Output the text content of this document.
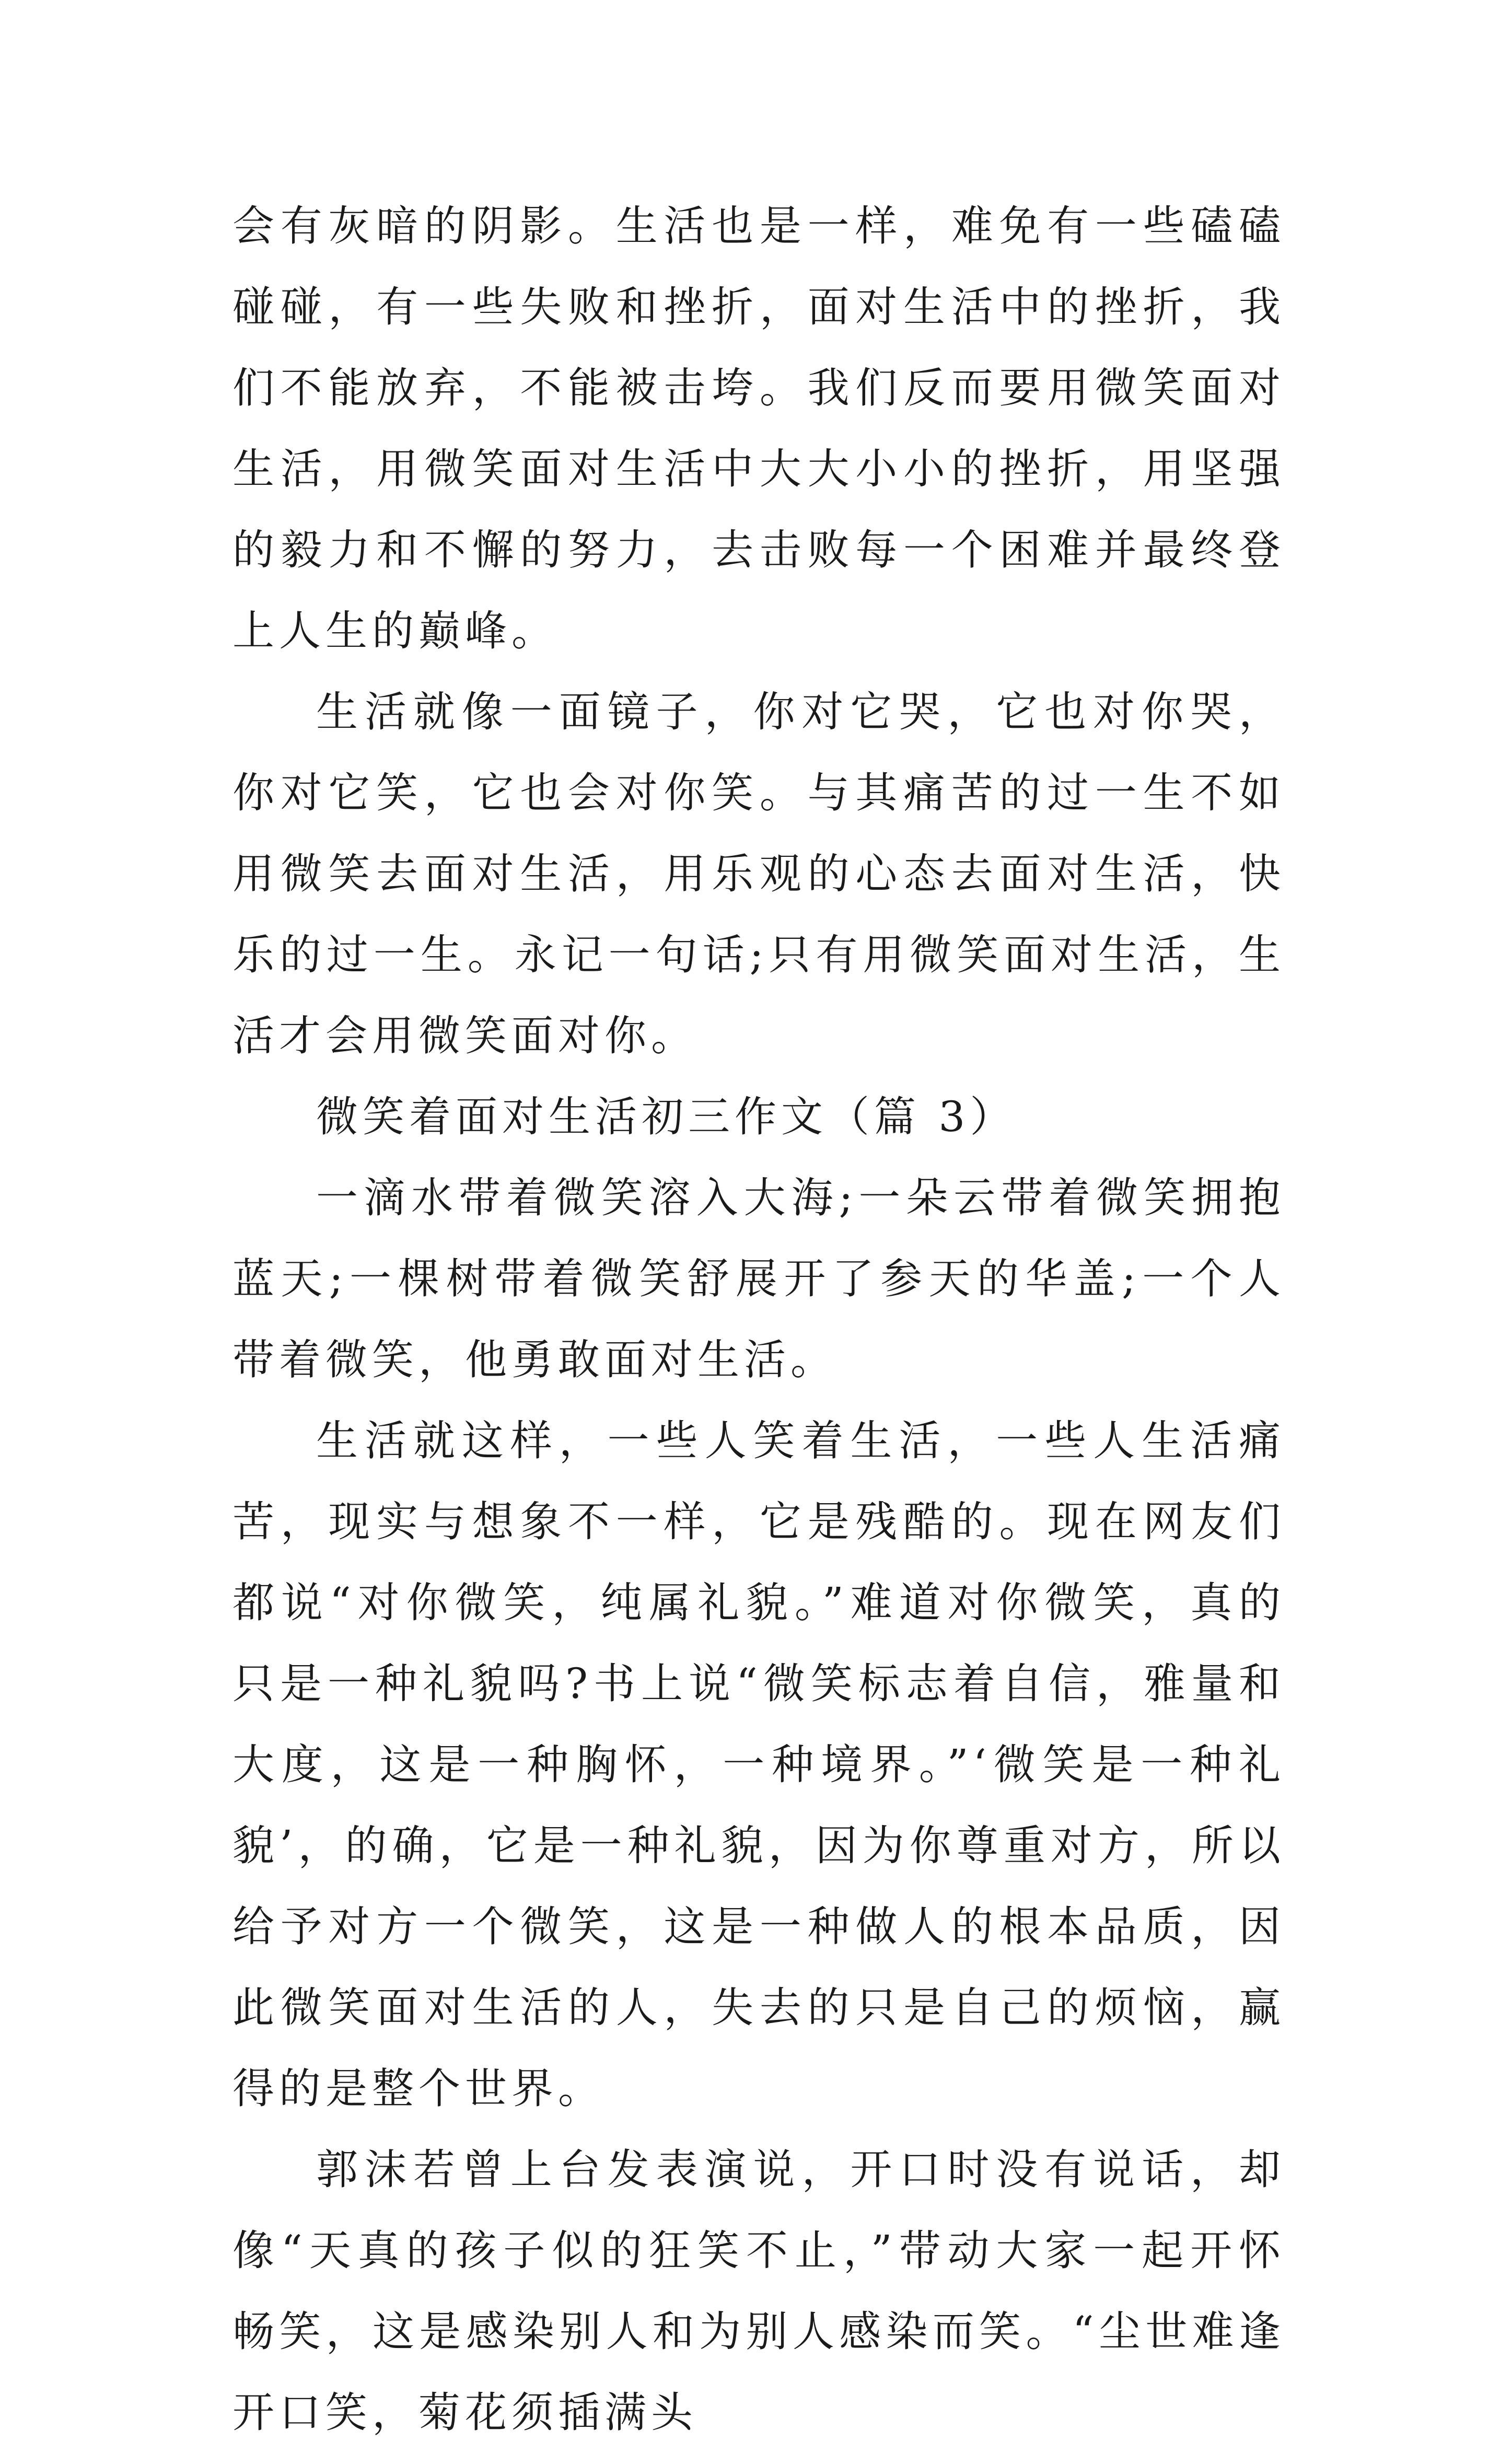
会有灰暗的阴影。生活也是一样，难免有一些磕磕碰碰，有一些失败和挫折，面对生活中的挫折，我们不能放弃，不能被击垮。我们反而要用微笑面对生活，用微笑面对生活中大大小小的挫折，用坚强的毅力和不懈的努力，去击败每一个困难并最终登上人生的巅峰。

生活就像一面镜子，你对它哭，它也对你哭，你对它笑，它也会对你笑。与其痛苦的过一生不如用微笑去面对生活，用乐观的心态去面对生活，快乐的过一生。永记一句话;只有用微笑面对生活，生活才会用微笑面对你。

微笑着面对生活初三作文（篇 3）

一滴水带着微笑溶入大海;一朵云带着微笑拥抱蓝天;一棵树带着微笑舒展开了参天的华盖;一个人带着微笑，他勇敢面对生活。

生活就这样，一些人笑着生活，一些人生活痛苦，现实与想象不一样，它是残酷的。现在网友们都说“对你微笑，纯属礼貌。”难道对你微笑，真的只是一种礼貌吗?书上说“微笑标志着自信，雅量和大度，这是一种胸怀，一种境界。”‘微笑是一种礼貌’，的确，它是一种礼貌，因为你尊重对方，所以给予对方一个微笑，这是一种做人的根本品质，因此微笑面对生活的人，失去的只是自己的烦恼，赢得的是整个世界。

郭沫若曾上台发表演说，开口时没有说话，却像“天真的孩子似的狂笑不止，”带动大家一起开怀畅笑，这是感染别人和为别人感染而笑。“尘世难逢开口笑，菊花须插满头
